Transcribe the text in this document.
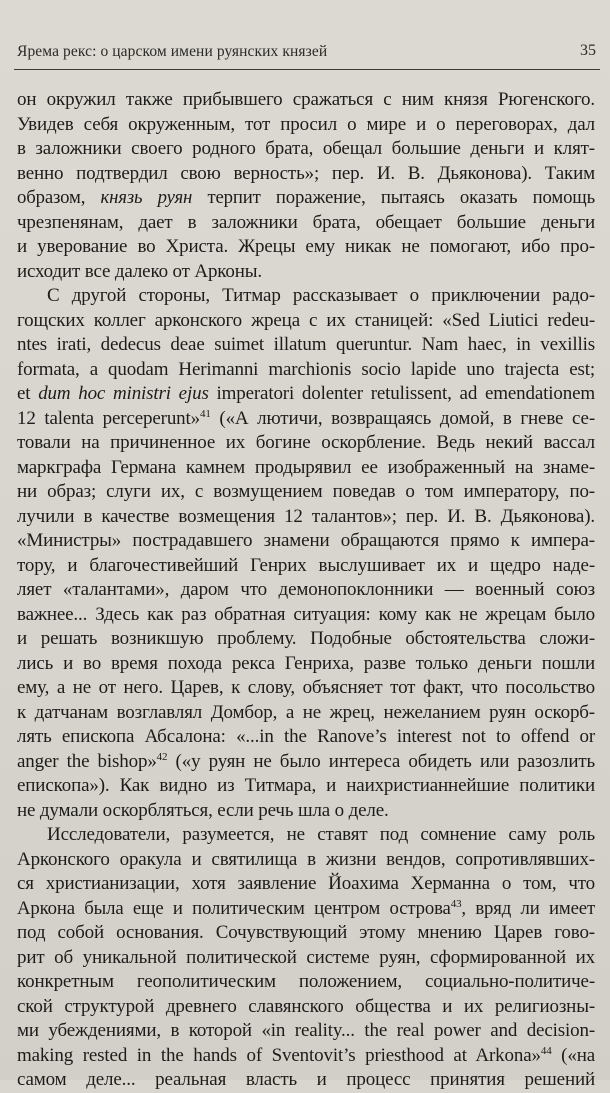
Ярема рекс: о царском имени руянских князей	35
он окружил также прибывшего сражаться с ним князя Рюгенского.
Увидев себя окруженным, тот просил о мире и о переговорах, дал
в заложники своего родного брата, обещал большие деньги и клят-
венно подтвердил свою верность»; пер. И. В. Дьяконова). Таким
образом, князь руян терпит поражение, пытаясь оказать помощь
чрезпенянам, дает в заложники брата, обещает большие деньги
и уверование во Христа. Жрецы ему никак не помогают, ибо про-
исходит все далеко от Арконы.
С другой стороны, Титмар рассказывает о приключении радо-
гощских коллег арконского жреца с их станицей: «Sed Liutici redeu-
ntes irati, dedecus deae suimet illatum queruntur. Nam haec, in vexillis
formata, a quodam Herimanni marchionis socio lapide uno trajecta est;
et dum hoc ministri ejus imperatori dolenter retulissent, ad emendationem
12 talenta perceperunt»$^{41}$ («А лютичи, возвращаясь домой, в гневе се-
товали на причиненное их богине оскорбление. Ведь некий вассал
маркграфа Германа камнем продырявил ее изображенный на знаме-
ни образ; слуги их, с возмущением поведав о том императору, по-
лучили в качестве возмещения 12 талантов»; пер. И. В. Дьяконова).
«Министры» пострадавшего знамени обращаются прямо к импера-
тору, и благочестивейший Генрих выслушивает их и щедро наде-
ляет «талантами», даром что демонопоклонники — военный союз
важнее... Здесь как раз обратная ситуация: кому как не жрецам было
и решать возникшую проблему. Подобные обстоятельства сложи-
лись и во время похода рекса Генриха, разве только деньги пошли
ему, а не от него. Царев, к слову, объясняет тот факт, что посольство
к датчанам возглавлял Домбор, а не жрец, нежеланием руян оскорб-
лять епископа Абсалона: «...in the Ranove’s interest not to offend or
anger the bishop»$^{42}$ («у руян не было интереса обидеть или разозлить
епископа»). Как видно из Титмара, и наихристианнейшие политики
не думали оскорбляться, если речь шла о деле.
Исследователи, разумеется, не ставят под сомнение саму роль
Арконского оракула и святилища в жизни вендов, сопротивлявших-
ся христианизации, хотя заявление Йоахима Херманна о том, что
Аркона была еще и политическим центром острова$^{43}$, вряд ли имеет
под собой основания. Сочувствующий этому мнению Царев гово-
рит об уникальной политической системе руян, сформированной их
конкретным геополитическим положением, социально-политиче-
ской структурой древнего славянского общества и их религиозны-
ми убеждениями, в которой «in reality... the real power and decision-
making rested in the hands of Sventovit’s priesthood at Arkona»$^{44}$ («на
самом деле... реальная власть и процесс принятия решений
